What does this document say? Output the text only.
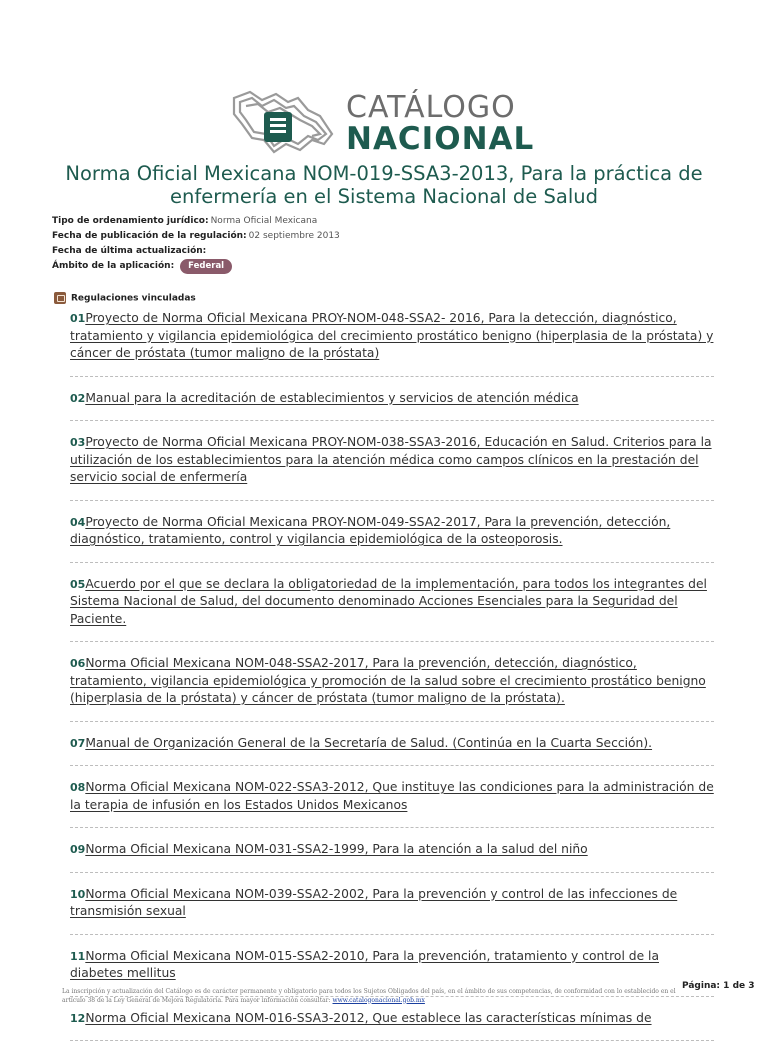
CATÁLOGO
NACIONAL
Norma Oficial Mexicana NOM-019-SSA3-2013, Para la práctica de enfermería en el Sistema Nacional de Salud
Tipo de ordenamiento jurídico: Norma Oficial Mexicana
Fecha de publicación de la regulación: 02 septiembre 2013
Fecha de última actualización:
Ámbito de la aplicación: Federal
Regulaciones vinculadas
01Proyecto de Norma Oficial Mexicana PROY-NOM-048-SSA2- 2016, Para la detección, diagnóstico, tratamiento y vigilancia epidemiológica del crecimiento prostático benigno (hiperplasia de la próstata) y cáncer de próstata (tumor maligno de la próstata)
02Manual para la acreditación de establecimientos y servicios de atención médica
03Proyecto de Norma Oficial Mexicana PROY-NOM-038-SSA3-2016, Educación en Salud. Criterios para la utilización de los establecimientos para la atención médica como campos clínicos en la prestación del servicio social de enfermería
04Proyecto de Norma Oficial Mexicana PROY-NOM-049-SSA2-2017, Para la prevención, detección, diagnóstico, tratamiento, control y vigilancia epidemiológica de la osteoporosis.
05Acuerdo por el que se declara la obligatoriedad de la implementación, para todos los integrantes del Sistema Nacional de Salud, del documento denominado Acciones Esenciales para la Seguridad del Paciente.
06Norma Oficial Mexicana NOM-048-SSA2-2017, Para la prevención, detección, diagnóstico, tratamiento, vigilancia epidemiológica y promoción de la salud sobre el crecimiento prostático benigno (hiperplasia de la próstata) y cáncer de próstata (tumor maligno de la próstata).
07Manual de Organización General de la Secretaría de Salud. (Continúa en la Cuarta Sección).
08Norma Oficial Mexicana NOM-022-SSA3-2012, Que instituye las condiciones para la administración de la terapia de infusión en los Estados Unidos Mexicanos
09Norma Oficial Mexicana NOM-031-SSA2-1999, Para la atención a la salud del niño
10Norma Oficial Mexicana NOM-039-SSA2-2002, Para la prevención y control de las infecciones de transmisión sexual
11Norma Oficial Mexicana NOM-015-SSA2-2010, Para la prevención, tratamiento y control de la diabetes mellitus
12Norma Oficial Mexicana NOM-016-SSA3-2012, Que establece las características mínimas de
La inscripción y actualización del Catálogo es de carácter permanente y obligatorio para todos los Sujetos Obligados del país, en el ámbito de sus competencias, de conformidad con lo establecido en el artículo 38 de la Ley General de Mejora Regulatoria. Para mayor información consultar: www.catalogonacional.gob.mx
Página: 1 de 3
